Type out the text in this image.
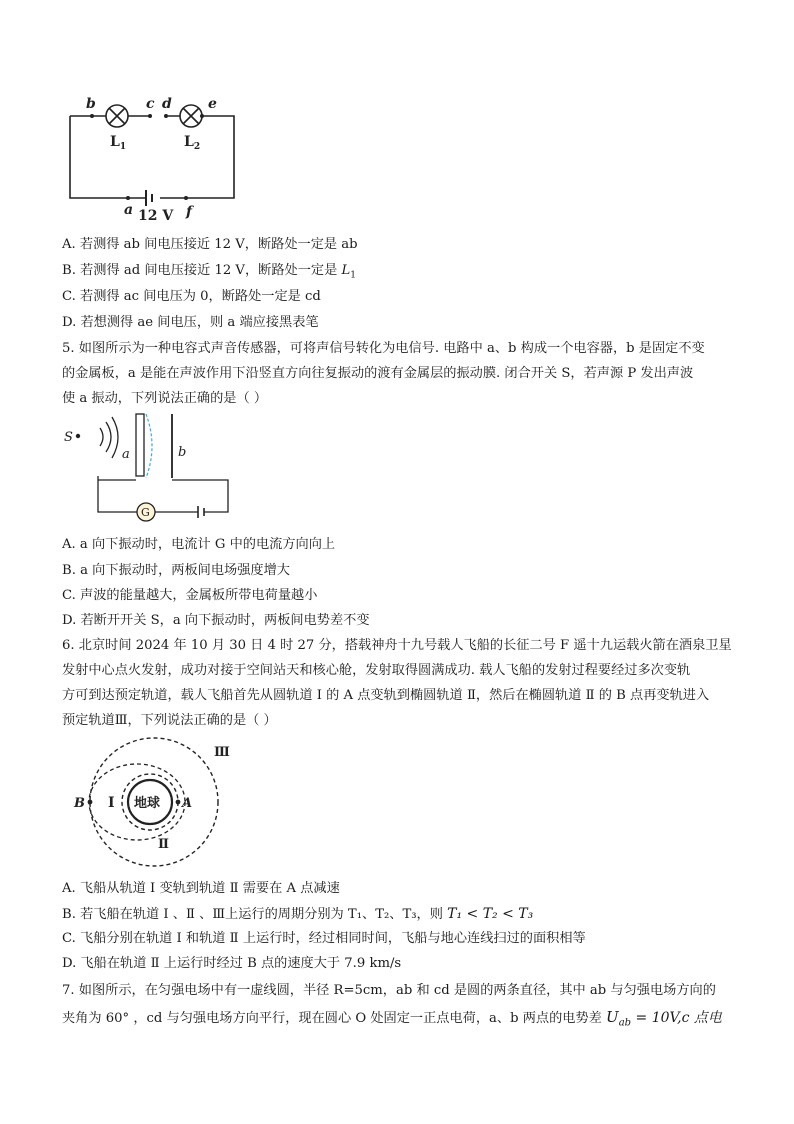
b	c d	e
a	f
$L_1$	$L_2$
12 V
A. 若测得 ab 间电压接近 12 V，断路处一定是 ab
B. 若测得 ad 间电压接近 12 V，断路处一定是 $L_1$
C. 若测得 ac 间电压为 0，断路处一定是 cd
D. 若想测得 ae 间电压，则 a 端应接黑表笔
5. 如图所示为一种电容式声音传感器，可将声信号转化为电信号. 电路中 a、b 构成一个电容器，b 是固定不变
的金属板，a 是能在声波作用下沿竖直方向往复振动的渡有金属层的振动膜. 闭合开关 S，若声源 P 发出声波
使 a 振动，下列说法正确的是（ ）
S
a	b
G
A. a 向下振动时，电流计 G 中的电流方向向上
B. a 向下振动时，两板间电场强度增大
C. 声波的能量越大，金属板所带电荷量越小
D. 若断开开关 S，a 向下振动时，两板间电势差不变
6. 北京时间 2024 年 10 月 30 日 4 时 27 分，搭载神舟十九号载人飞船的长征二号 F 遥十九运载火箭在酒泉卫星
发射中心点火发射，成功对接于空间站天和核心舱，发射取得圆满成功. 载人飞船的发射过程要经过多次变轨
方可到达预定轨道，载人飞船首先从圆轨道 Ⅰ 的 A 点变轨到椭圆轨道 Ⅱ，然后在椭圆轨道 Ⅱ 的 B 点再变轨进入
预定轨道Ⅲ，下列说法正确的是（ ）
地球
Ⅰ
Ⅱ
Ⅲ
A
B
A. 飞船从轨道 Ⅰ 变轨到轨道 Ⅱ 需要在 A 点减速
B. 若飞船在轨道 Ⅰ 、Ⅱ 、Ⅲ上运行的周期分别为 T₁、T₂、T₃，则 T₁ < T₂ < T₃
C. 飞船分别在轨道 Ⅰ 和轨道 Ⅱ 上运行时，经过相同时间，飞船与地心连线扫过的面积相等
D. 飞船在轨道 Ⅱ 上运行时经过 B 点的速度大于 7.9 km/s
7. 如图所示，在匀强电场中有一虚线圆，半径 R=5cm，ab 和 cd 是圆的两条直径，其中 ab 与匀强电场方向的
夹角为 60° ，cd 与匀强电场方向平行，现在圆心 O 处固定一正点电荷，a、b 两点的电势差 $U_{ab} = 10V,c$ 点电
